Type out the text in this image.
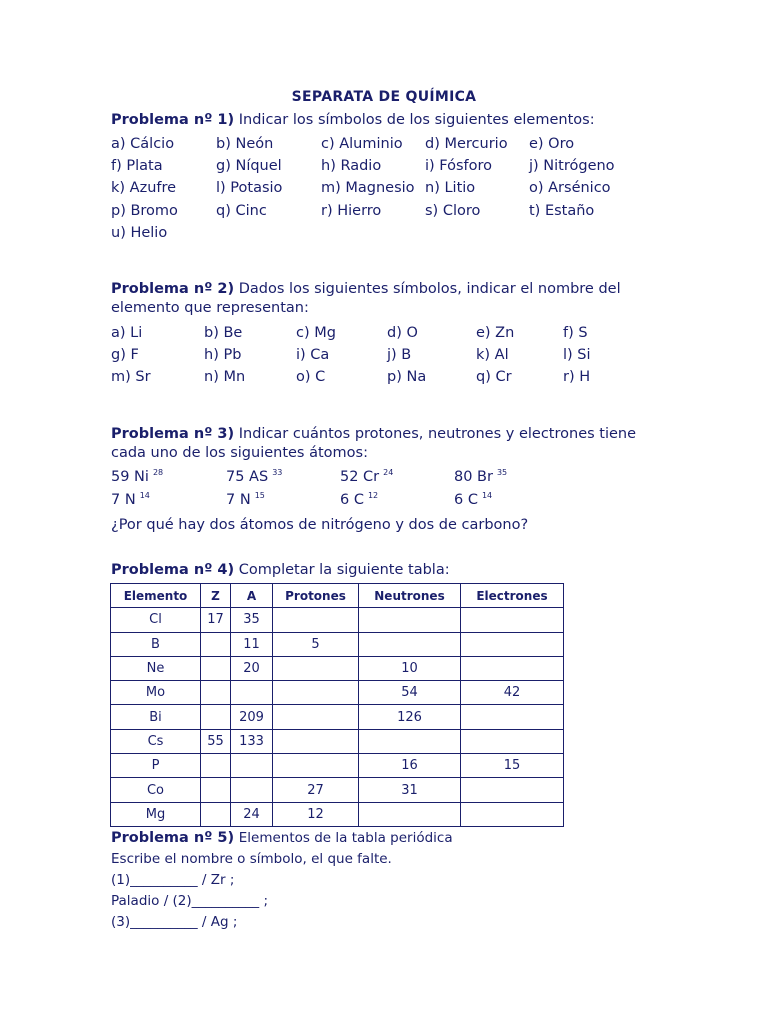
SEPARATA DE QUÍMICA
Problema nº 1) Indicar los símbolos de los siguientes elementos:
Problema nº 2) Dados los siguientes símbolos, indicar el nombre del
elemento que representan:
Problema nº 3) Indicar cuántos protones, neutrones y electrones tiene
cada uno de los siguientes átomos:
¿Por qué hay dos átomos de nitrógeno y dos de carbono?
Problema nº 4) Completar la siguiente tabla:
Elemento	Z	A	Protones	Neutrones	Electrones
Cl	17	35			
B		11	5		
Ne		20		10	
Mo				54	42
Bi		209		126	
Cs	55	133			
P				16	15
Co			27	31	
Mg		24	12		
Problema nº 5) Elementos de la tabla periódica
Escribe el nombre o símbolo, el que falte.
a) Cálcio	b) Neón	c) Aluminio d) Mercurio e) Oro
f) Plata	g) Níquel	h) Radio	i) Fósforo	j) Nitrógeno
k) Azufre	l) Potasio	m) Magnesio n) Litio	o) Arsénico
p) Bromo	q) Cinc	r) Hierro	s) Cloro	t) Estaño
u) Helio
a) Li	b) Be	c) Mg	d) O	e) Zn	f) S
g) F	h) Pb	i) Ca	j) B	k) Al	l) Si
m) Sr	n) Mn	o) C	p) Na	q) Cr	r) H
59 Ni $^{28}$	75 AS $^{33}$	52 Cr $^{24}$	80 Br $^{35}$
7 N $^{14}$	7 N $^{15}$	6 C $^{12}$	6 C $^{14}$
(1)__________ / Zr ;
Paladio / (2)__________ ;
(3)__________ / Ag ;
